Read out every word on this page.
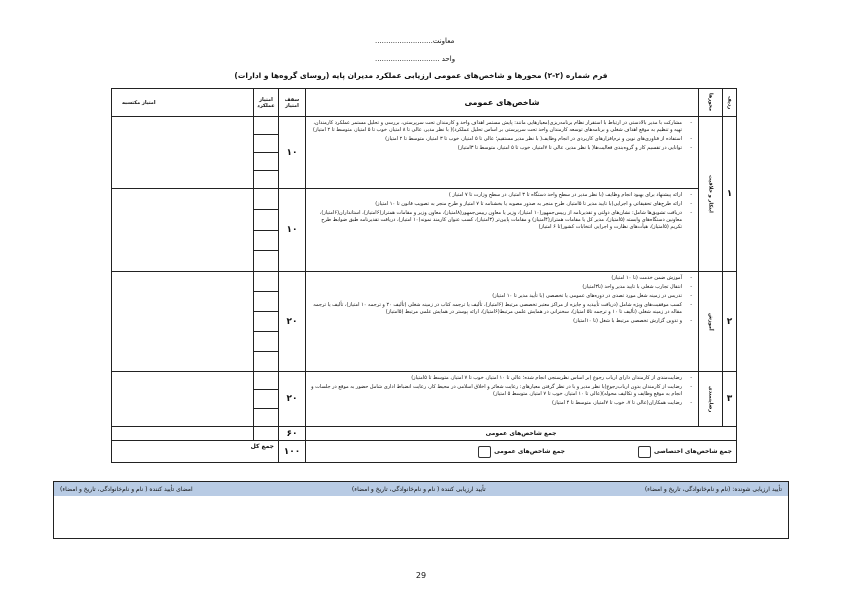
معاونت..........................
واحد .............................
فرم شماره (۲-۲) محورها و شاخص‌های عمومی ارزیابی عملکرد مدیران پایه (روسای گروه‌ها و ادارات)
ردیف	محورها	شاخص‌های عمومی	سقف امتیاز	امتیاز عملکرد	امتیاز مکتسبه
۱	ابتکار و خلاقیت	- مشارکت با مدیر بالادستی در ارتباط با استقرار نظام برنامه‌ریزی(معیارهایی مانند: پایش مستمر اهداف واحد و کارمندان تحت سرپرستی، بررسی و تحلیل مستمر عملکرد کارمندان، تهیه و تنظیم به موقع اهداف شغلی و برنامه‌های توسعه کارمندان واحد تحت سرپرستی بر اساس تحلیل عملکرد)( با نظر مدیر، عالی تا ۸ امتیاز، خوب تا ۵ امتیاز، متوسط تا ۲ امتیاز)
- استفاده از فناوری‌های نوین و نرم‌افزارهای کاربردی در انجام وظایف( با نظر مدیر مستقیم؛ عالی تا ۵ امتیاز، خوب تا ۳ امتیاز، متوسط تا ۲ امتیاز)
- توانایی در تقسیم کار و گروه‌بندی فعالیت‌ها( با نظر مدیر، عالی تا ۷امتیاز، خوب تا ۵ امتیاز، متوسط تا ۳امتیاز)	۱۰	

		- ارائه پیشنهاد برای بهبود انجام وظایف (با نظر مدیر در سطح واحد دستگاه تا ۳ امتیاز، در سطح وزارت تا ۷ امتیاز )
- ارائه طرح‌های تحقیقاتی و اجرایی(با تایید مدیر تا ۵امتیاز، طرح منجر به صدور مصوبه یا بخشنامه تا ۷ امتیاز و طرح منجر به تصویب قانون تا ۱۰ امتیاز)
- دریافت تشویق‌ها شامل: نشان‌های دولتی و تقدیرنامه از رییس‌جمهور(۱۰ امتیاز)، وزیر یا معاون رییس‌جمهور(۸امتیاز)، معاون وزیر و مقامات همتراز(۶امتیاز)، استانداران(۶امتیاز)، معاونین دستگاه‌های وابسته (۵امتیاز)، مدیر کل یا مقامات همتراز(۴امتیاز) و مقامات پایین‌تر (۳امتیاز)، کسب عنوان کارمند نمونه(۱۰ امتیاز)، دریافت تقدیرنامه طبق ضوابط طرح تکریم (۵امتیاز)، هیأت‌های نظارت و اجرایی انتخابات کشور(تا ۶ امتیاز)	۱۰	

۲	آموزش	- آموزش ضمن خدمت (تا ۱۰ امتیاز)
- انتقال تجارب شغلی با تایید مدیر واحد (تا۳امتیاز)
- تدریس در زمینه شغل مورد تصدی در دوره‌های عمومی یا تخصصی (با تأیید مدیر تا ۱۰ امتیاز)
- کسب موفقیت‌های ویژه شامل (دریافت تأییدیه و جایزه از مراکز معتبر تخصصی مرتبط (۶امتیاز)، تألیف یا ترجمه کتاب در زمینه شغلی (تألیف ۲۰ و ترجمه ۱۰ امتیاز)، تألیف یا ترجمه مقاله در زمینه شغلی (تألیف تا ۱۰ و ترجمه تا۵ امتیاز)، سخنرانی در همایش علمی مرتبط(۶امتیاز)، ارائه پوستر در همایش علمی مرتبط (۵امتیاز)
- و تدوین گزارش تخصصی مرتبط با شغل (تا ۱۰امتیاز)	۲۰	

۳	رضایتمندی	- رضایت‌مندی از کارمندان دارای ارباب رجوع (بر اساس نظرسنجی انجام شده؛ عالی تا ۱۰ امتیاز، خوب تا ۷ امتیاز، متوسط تا ۵امتیاز)
- رضایت از کارمندان بدون ارباب‌رجوع(با نظر مدیر و با در نظر گرفتن معیارهای: رعایت شعائر و اخلاق اسلامی در محیط کار، رعایت انضباط اداری شامل حضور به موقع در جلسات و انجام به موقع وظایف و تکالیف محوله)(عالی تا ۱۰ امتیاز، خوب تا ۷ امتیاز، متوسط ۵ امتیاز)
- رضایت همکاران(عالی تا ۷، خوب تا ۷امتیاز، متوسط تا ۴ امتیاز)	۲۰	

جمع شاخص‌های عمومی			۶۰		

جمع شاخص‌های اختصاصی
جمع شاخص‌های عمومی			۱۰۰	جمع کل	
تأیید ارزیابی شونده: (نام و نام‌خانوادگی، تاریخ و امضاء)
تأیید ارزیابی کننده ( نام و نام‌خانوادگی، تاریخ و امضاء)
امضای تأیید کننده ( نام و نام‌خانوادگی، تاریخ و امضاء)
29
